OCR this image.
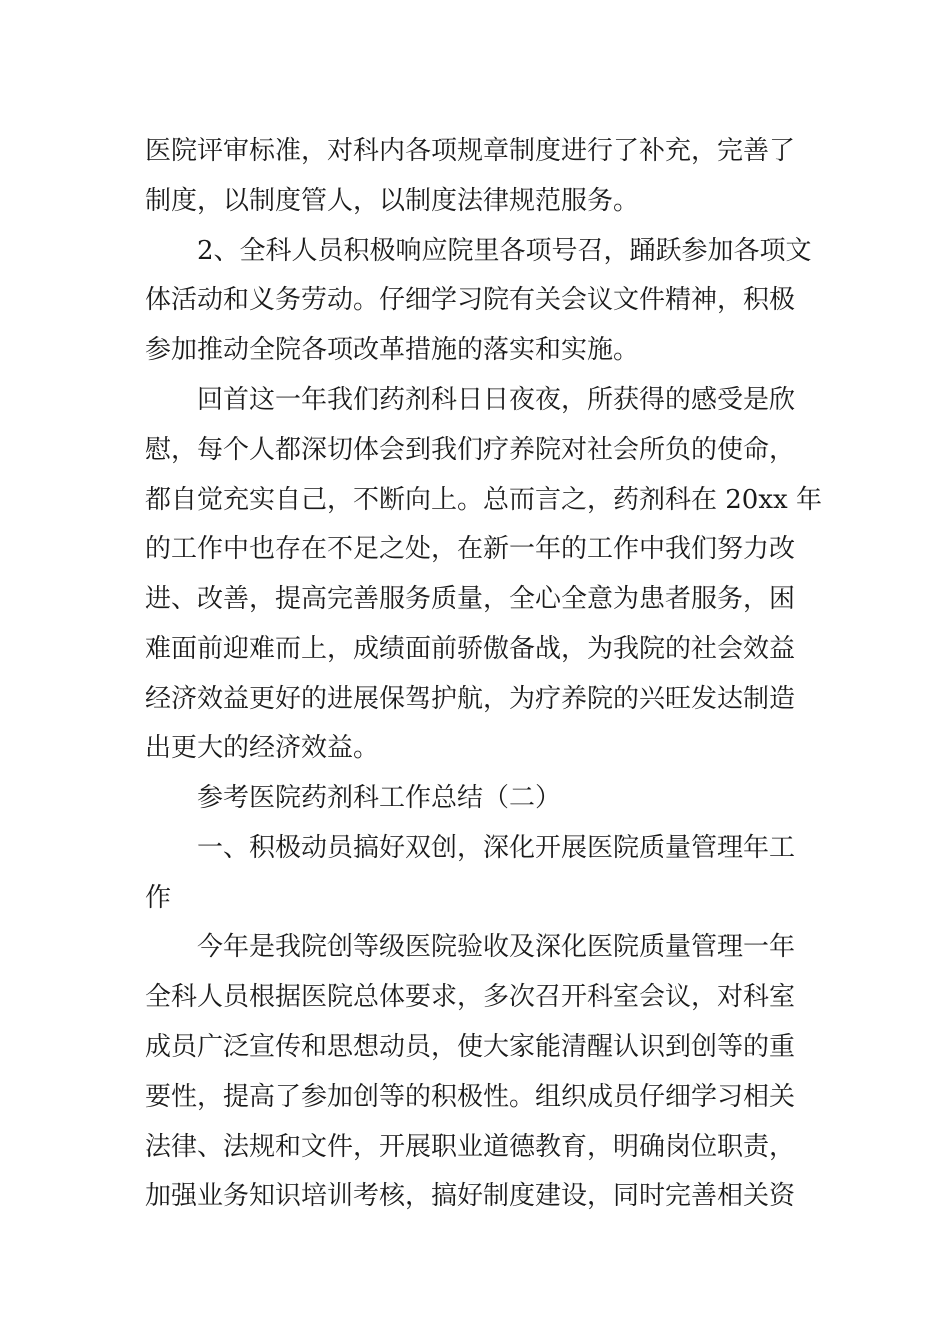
医院评审标准，对科内各项规章制度进行了补充，完善了
制度，以制度管人，以制度法律规范服务。
2、全科人员积极响应院里各项号召，踊跃参加各项文
体活动和义务劳动。仔细学习院有关会议文件精神，积极
参加推动全院各项改革措施的落实和实施。
回首这一年我们药剂科日日夜夜，所获得的感受是欣
慰，每个人都深切体会到我们疗养院对社会所负的使命，
都自觉充实自己，不断向上。总而言之，药剂科在 20xx 年
的工作中也存在不足之处，在新一年的工作中我们努力改
进、改善，提高完善服务质量，全心全意为患者服务，困
难面前迎难而上，成绩面前骄傲备战，为我院的社会效益
经济效益更好的进展保驾护航，为疗养院的兴旺发达制造
出更大的经济效益。
参考医院药剂科工作总结（二）
一、积极动员搞好双创，深化开展医院质量管理年工
作
今年是我院创等级医院验收及深化医院质量管理一年
全科人员根据医院总体要求，多次召开科室会议，对科室
成员广泛宣传和思想动员，使大家能清醒认识到创等的重
要性，提高了参加创等的积极性。组织成员仔细学习相关
法律、法规和文件，开展职业道德教育，明确岗位职责，
加强业务知识培训考核，搞好制度建设，同时完善相关资
